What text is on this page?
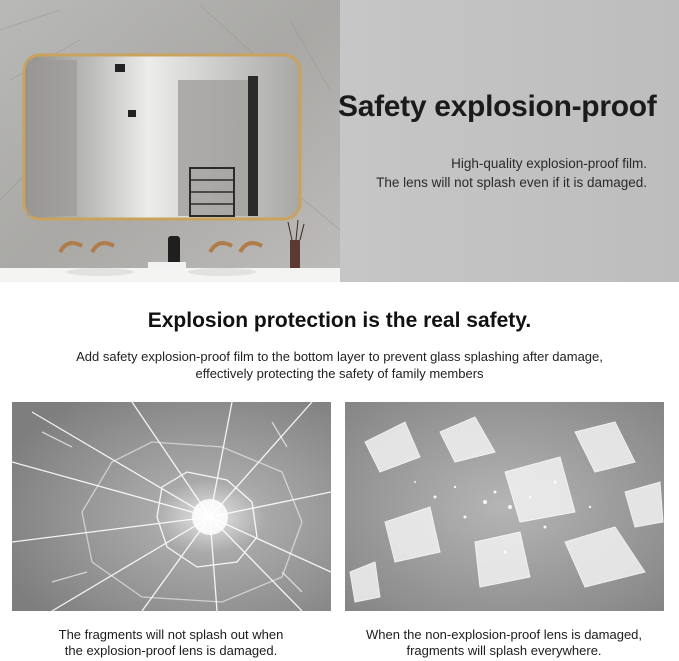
Safety explosion-proof
High-quality explosion-proof film.
The lens will not splash even if it is damaged.
Explosion protection is the real safety.
Add safety explosion-proof film to the bottom layer to prevent glass splashing after damage,
effectively protecting the safety of family members
The fragments will not splash out when
the explosion-proof lens is damaged.
When the non-explosion-proof lens is damaged,
fragments will splash everywhere.
